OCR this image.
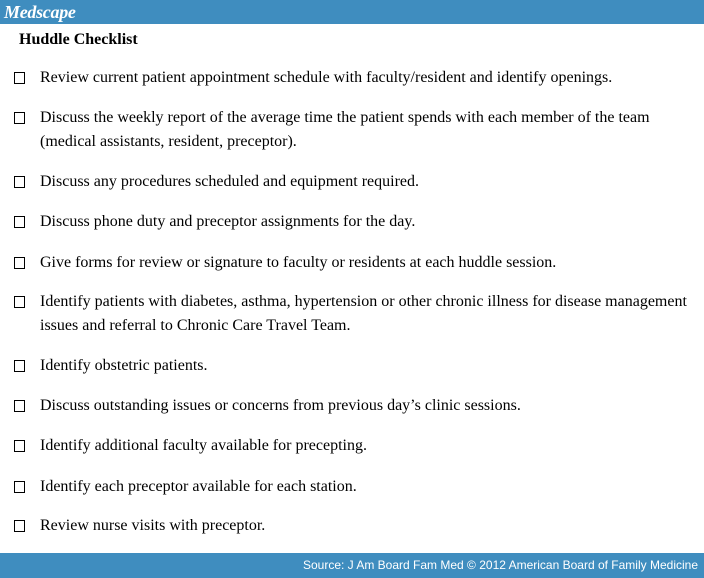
Medscape
Huddle Checklist
Review current patient appointment schedule with faculty/resident and identify openings.
Discuss the weekly report of the average time the patient spends with each member of the team (medical assistants, resident, preceptor).
Discuss any procedures scheduled and equipment required.
Discuss phone duty and preceptor assignments for the day.
Give forms for review or signature to faculty or residents at each huddle session.
Identify patients with diabetes, asthma, hypertension or other chronic illness for disease management issues and referral to Chronic Care Travel Team.
Identify obstetric patients.
Discuss outstanding issues or concerns from previous day’s clinic sessions.
Identify additional faculty available for precepting.
Identify each preceptor available for each station.
Review nurse visits with preceptor.
Source: J Am Board Fam Med © 2012 American Board of Family Medicine
